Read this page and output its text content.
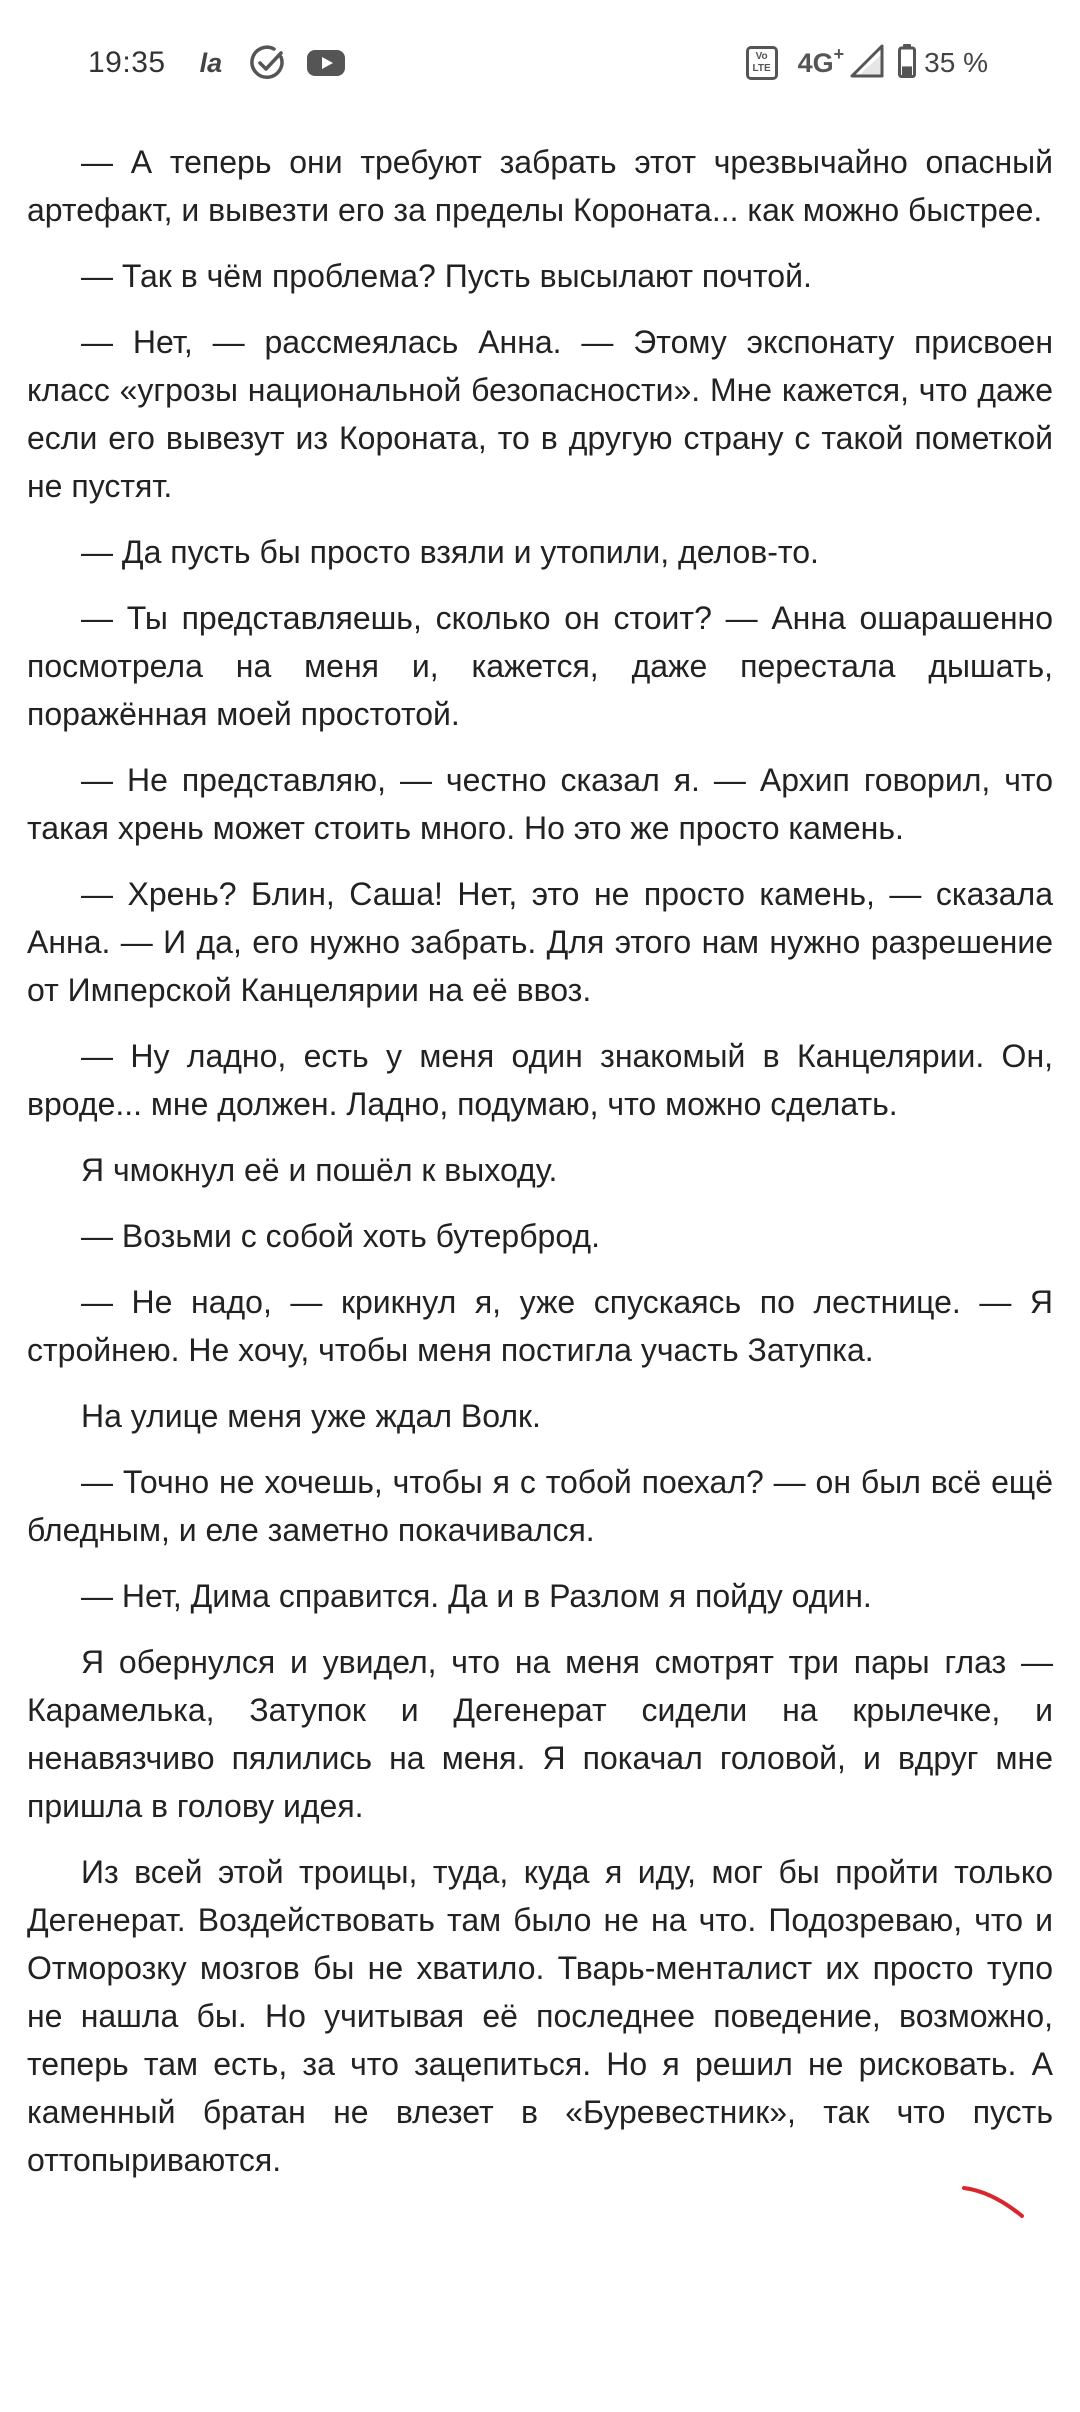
19:35 la	Vo
LTE 4G+	35 %

— А теперь они требуют забрать этот чрезвычайно опасный артефакт, и вывезти его за пределы Короната... как можно быстрее.

— Так в чём проблема? Пусть высылают почтой.

— Нет, — рассмеялась Анна. — Этому экспонату присвоен класс «угрозы национальной безопасности». Мне кажется, что даже если его вывезут из Короната, то в другую страну с такой пометкой не пустят.

— Да пусть бы просто взяли и утопили, делов-то.

— Ты представляешь, сколько он стоит? — Анна ошарашенно посмотрела на меня и, кажется, даже перестала дышать, поражённая моей простотой.

— Не представляю, — честно сказал я. — Архип говорил, что такая хрень может стоить много. Но это же просто камень.

— Хрень? Блин, Саша! Нет, это не просто камень, — сказала Анна. — И да, его нужно забрать. Для этого нам нужно разрешение от Имперской Канцелярии на её ввоз.

— Ну ладно, есть у меня один знакомый в Канцелярии. Он, вроде... мне должен. Ладно, подумаю, что можно сделать.

Я чмокнул её и пошёл к выходу.

— Возьми с собой хоть бутерброд.

— Не надо, — крикнул я, уже спускаясь по лестнице. — Я стройнею. Не хочу, чтобы меня постигла участь Затупка.

На улице меня уже ждал Волк.

— Точно не хочешь, чтобы я с тобой поехал? — он был всё ещё бледным, и еле заметно покачивался.

— Нет, Дима справится. Да и в Разлом я пойду один.

Я обернулся и увидел, что на меня смотрят три пары глаз — Карамелька, Затупок и Дегенерат сидели на крылечке, и ненавязчиво пялились на меня. Я покачал головой, и вдруг мне пришла в голову идея.

Из всей этой троицы, туда, куда я иду, мог бы пройти только Дегенерат. Воздействовать там было не на что. Подозреваю, что и Отморозку мозгов бы не хватило. Тварь-менталист их просто тупо не нашла бы. Но учитывая её последнее поведение, возможно, теперь там есть, за что зацепиться. Но я решил не рисковать. А каменный братан не влезет в «Буревестник», так что пусть оттопыриваются.
